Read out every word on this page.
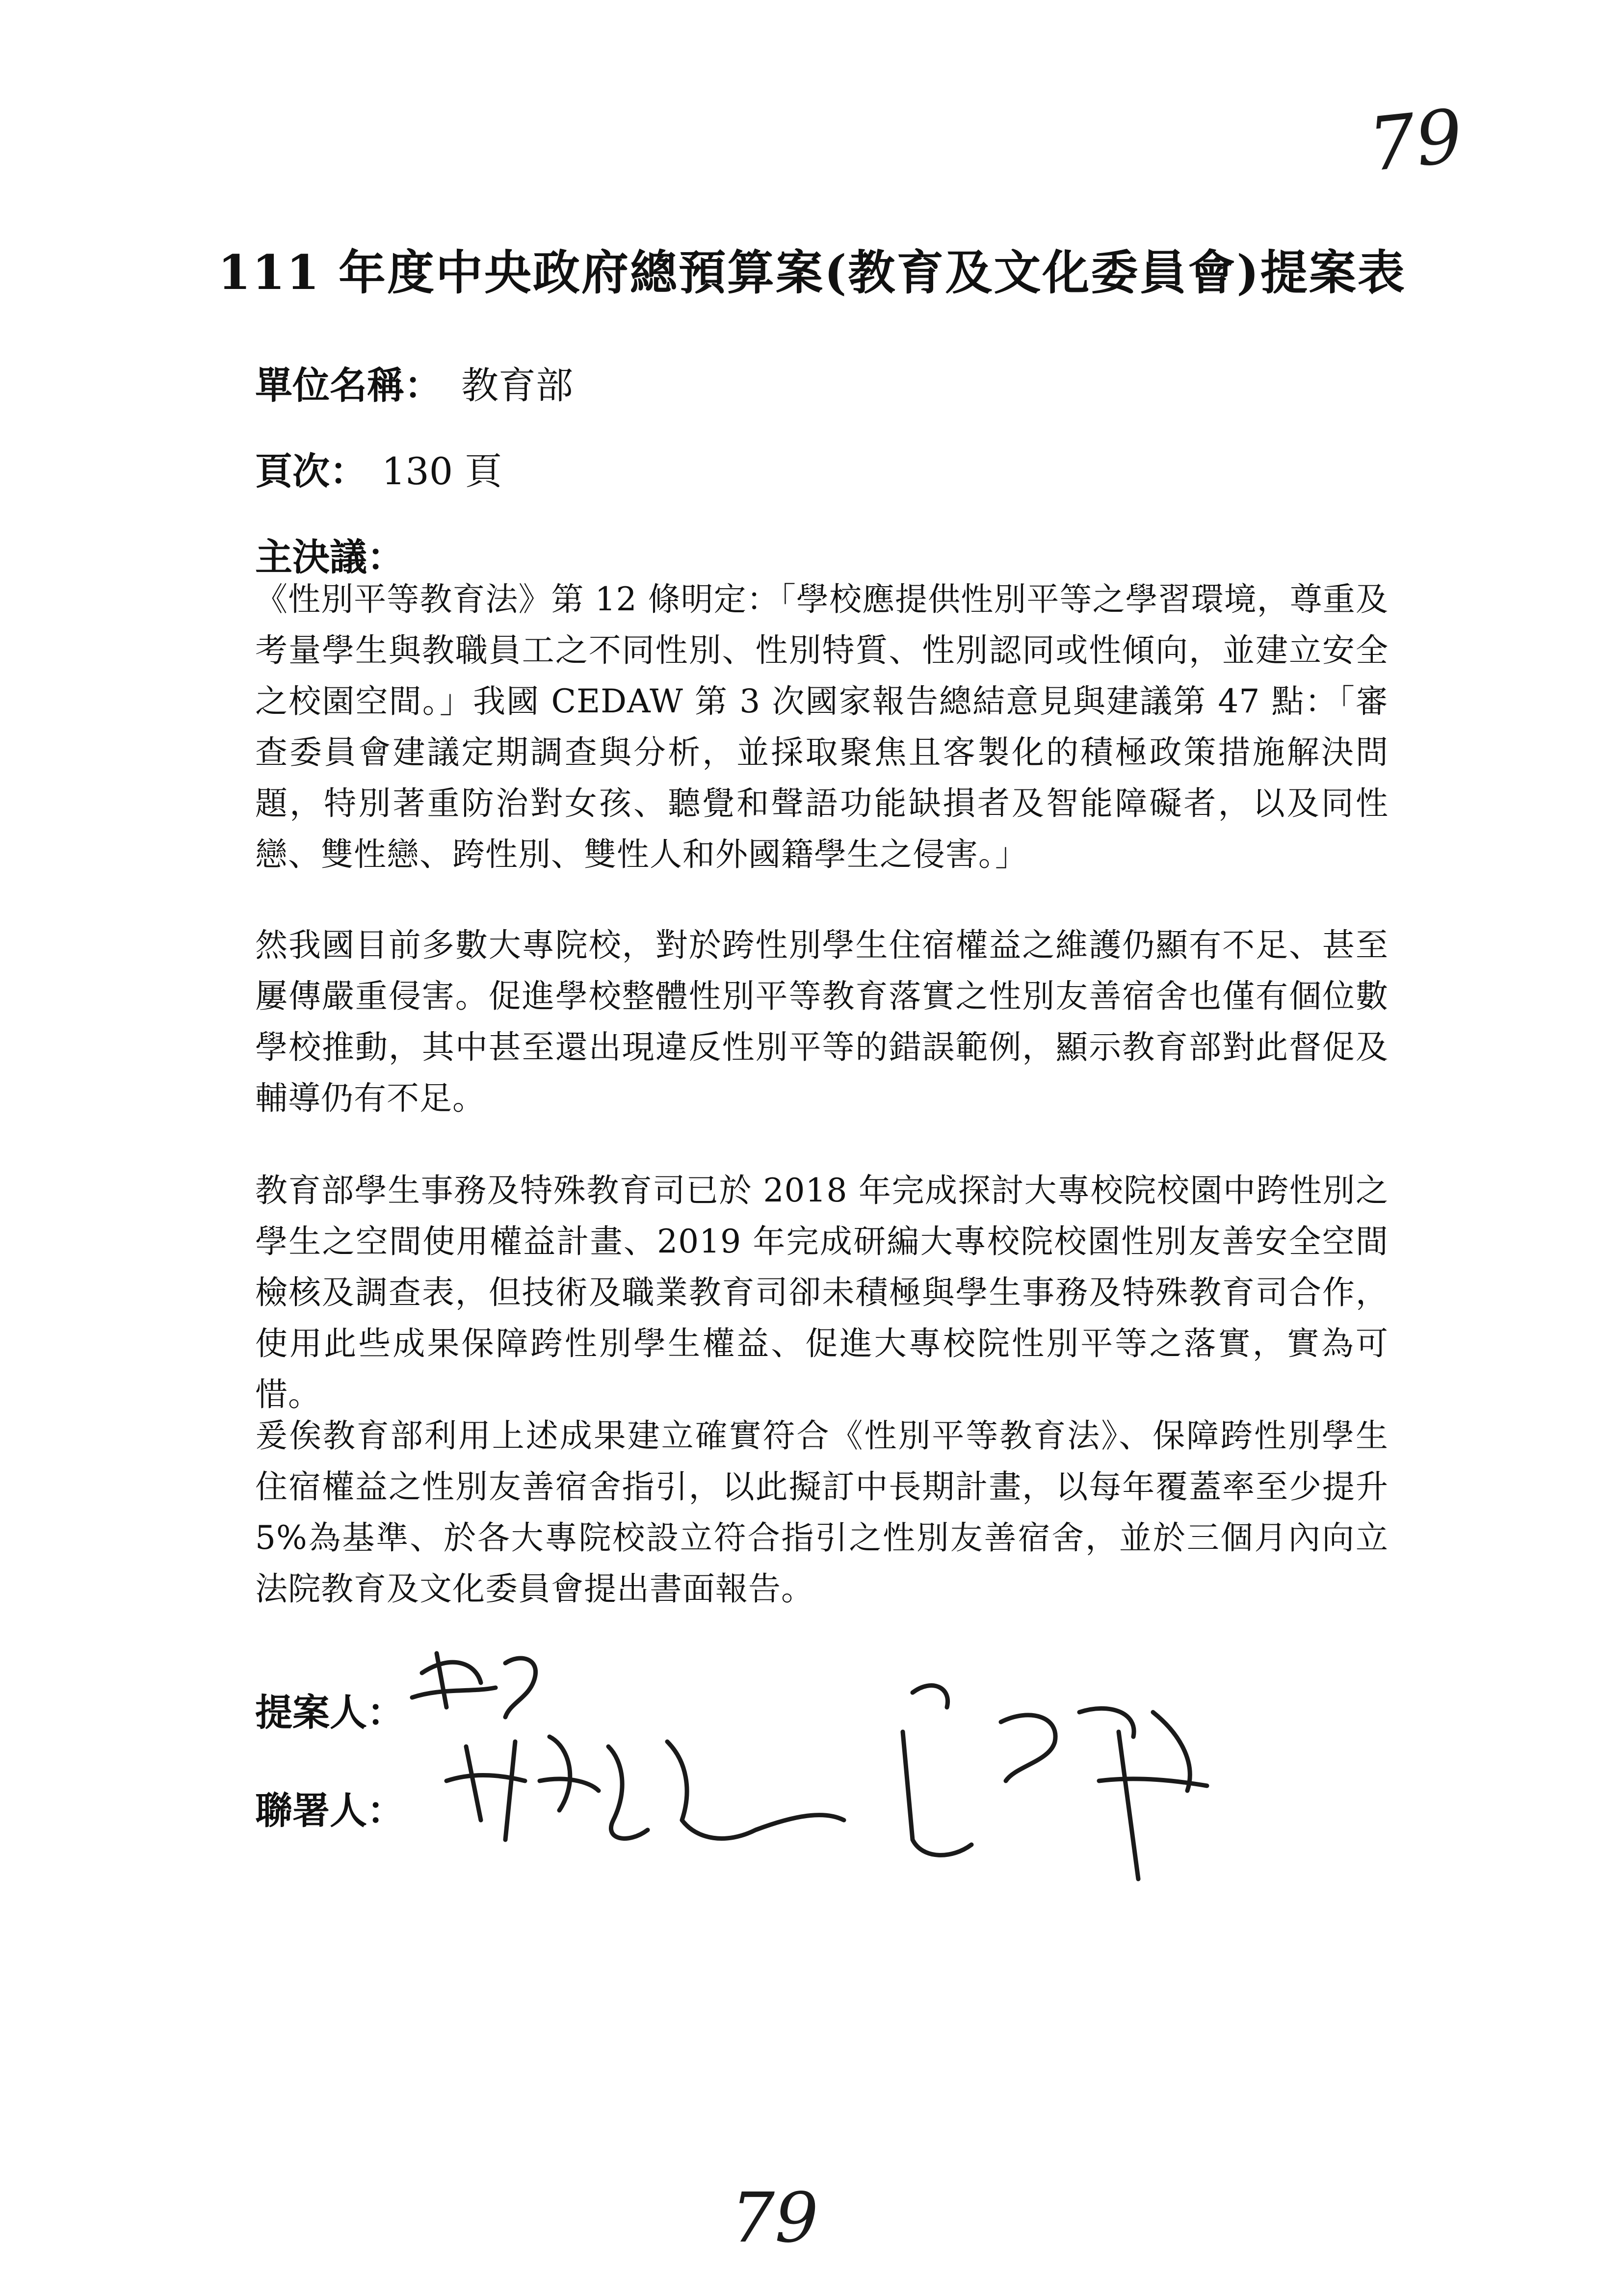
79
111 年度中央政府總預算案(教育及文化委員會)提案表
單位名稱： 教育部
頁次： 130 頁
主決議：
《性別平等教育法》第 12 條明定：「學校應提供性別平等之學習環境，尊重及考量學生與教職員工之不同性別、性別特質、性別認同或性傾向，並建立安全之校園空間。」我國 CEDAW 第 3 次國家報告總結意見與建議第 47 點：「審查委員會建議定期調查與分析，並採取聚焦且客製化的積極政策措施解決問題，特別著重防治對女孩、聽覺和聲語功能缺損者及智能障礙者，以及同性戀、雙性戀、跨性別、雙性人和外國籍學生之侵害。」
然我國目前多數大專院校，對於跨性別學生住宿權益之維護仍顯有不足、甚至屢傳嚴重侵害。促進學校整體性別平等教育落實之性別友善宿舍也僅有個位數學校推動，其中甚至還出現違反性別平等的錯誤範例，顯示教育部對此督促及輔導仍有不足。
教育部學生事務及特殊教育司已於 2018 年完成探討大專校院校園中跨性別之學生之空間使用權益計畫、2019 年完成研編大專校院校園性別友善安全空間檢核及調查表，但技術及職業教育司卻未積極與學生事務及特殊教育司合作，使用此些成果保障跨性別學生權益、促進大專校院性別平等之落實，實為可惜。
爰俟教育部利用上述成果建立確實符合《性別平等教育法》、保障跨性別學生住宿權益之性別友善宿舍指引，以此擬訂中長期計畫，以每年覆蓋率至少提升 5%為基準、於各大專院校設立符合指引之性別友善宿舍，並於三個月內向立法院教育及文化委員會提出書面報告。
提案人：
聯署人：
79
